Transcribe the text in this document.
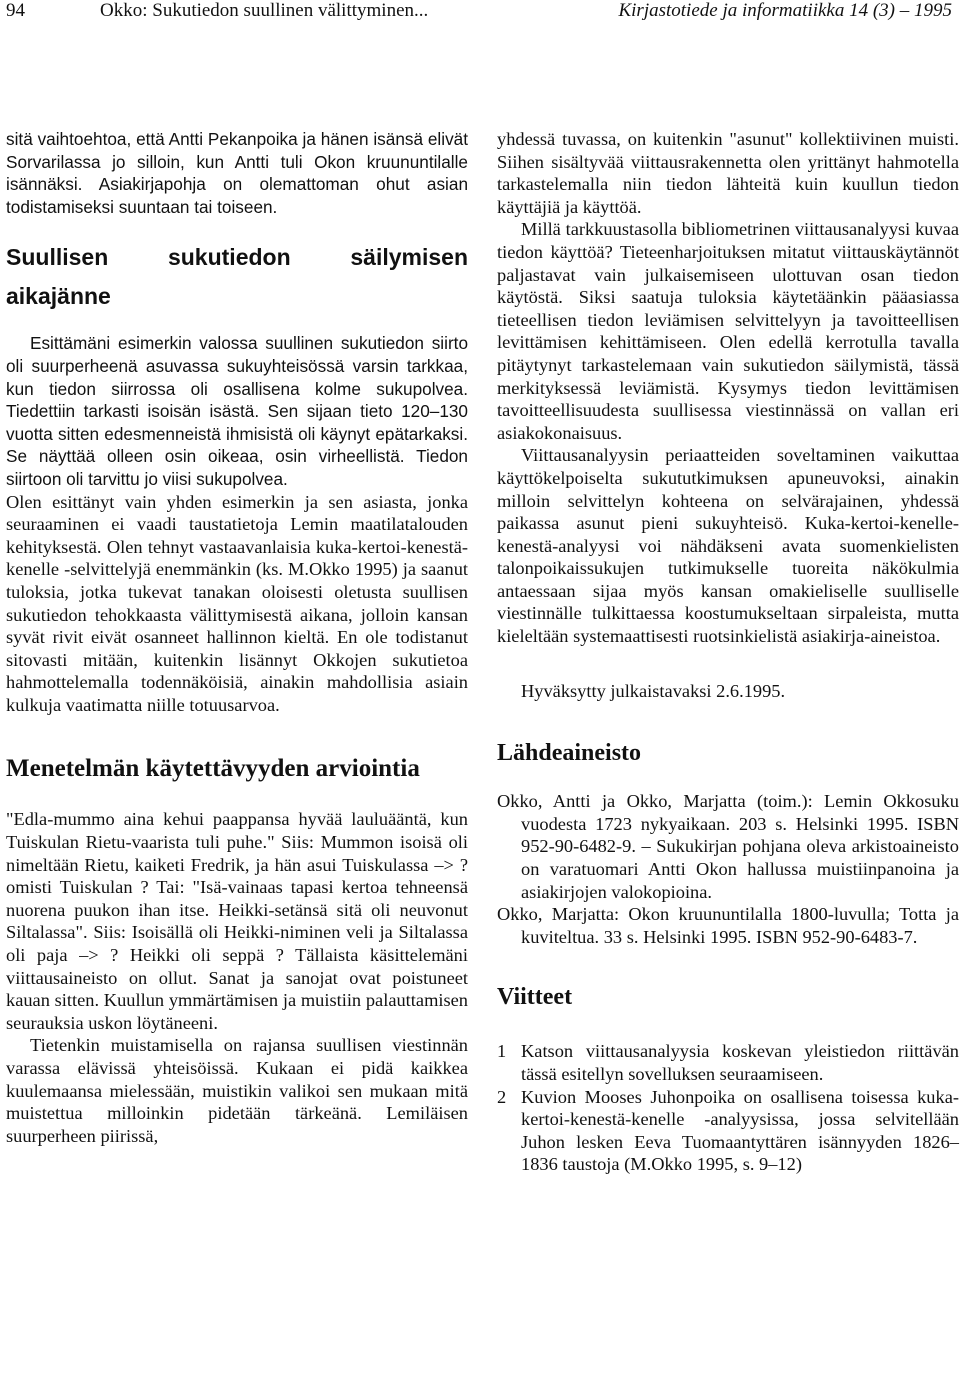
94	Okko: Sukutiedon suullinen välittyminen...	Kirjastotiede ja informatiikka 14 (3) – 1995

sitä vaihtoehtoa, että Antti Pekanpoika ja hänen isänsä elivät Sorvarilassa jo silloin, kun Antti tuli Okon kruununtilalle isännäksi. Asiakirjapohja on olemattoman ohut asian todistamiseksi suuntaan tai toiseen.

Suullisen sukutiedon säilymisen aikajänne

Esittämäni esimerkin valossa suullinen sukutiedon siirto oli suurperheenä asuvassa sukuyhteisössä varsin tarkkaa, kun tiedon siirrossa oli osallisena kolme sukupolvea. Tiedettiin tarkasti isoisän isästä. Sen sijaan tieto 120–130 vuotta sitten edesmenneistä ihmisistä oli käynyt epätarkaksi. Se näyttää olleen osin oikeaa, osin virheellistä. Tiedon siirtoon oli tarvittu jo viisi sukupolvea.

Olen esittänyt vain yhden esimerkin ja sen asiasta, jonka seuraaminen ei vaadi taustatietoja Lemin maatilatalouden kehityksestä. Olen tehnyt vastaavanlaisia kuka-kertoi-kenestä-kenelle -selvittelyjä enemmänkin (ks. M.Okko 1995) ja saanut tuloksia, jotka tukevat tanakan oloisesti oletusta suullisen sukutiedon tehokkaasta välittymisestä aikana, jolloin kansan syvät rivit eivät osanneet hallinnon kieltä. En ole todistanut sitovasti mitään, kuitenkin lisännyt Okkojen sukutietoa hahmottelemalla todennäköisiä, ainakin mahdollisia asiain kulkuja vaatimatta niille totuusarvoa.

Menetelmän käytettävyyden arviointia

"Edla-mummo aina kehui paappansa hyvää lauluääntä, kun Tuiskulan Rietu-vaarista tuli puhe." Siis: Mummon isoisä oli nimeltään Rietu, kaiketi Fredrik, ja hän asui Tuiskulassa –> ? omisti Tuiskulan ? Tai: "Isä-vainaas tapasi kertoa tehneensä nuorena puukon ihan itse. Heikki-setänsä sitä oli neuvonut Siltalassa". Siis: Isoisällä oli Heikki-niminen veli ja Siltalassa oli paja –> ? Heikki oli seppä ? Tällaista käsittelemäni viittausaineisto on ollut. Sanat ja sanojat ovat poistuneet kauan sitten. Kuullun ymmärtämisen ja muistiin palauttamisen seurauksia uskon löytäneeni.

Tietenkin muistamisella on rajansa suullisen viestinnän varassa elävissä yhteisöissä. Kukaan ei pidä kaikkea kuulemaansa mielessään, muistikin valikoi sen mukaan mitä muistettua milloinkin pidetään tärkeänä. Lemiläisen suurperheen piirissä,

yhdessä tuvassa, on kuitenkin "asunut" kollektiivinen muisti. Siihen sisältyvää viittausrakennetta olen yrittänyt hahmotella tarkastelemalla niin tiedon lähteitä kuin kuullun tiedon käyttäjiä ja käyttöä.

Millä tarkkuustasolla bibliometrinen viittausanalyysi kuvaa tiedon käyttöä? Tieteenharjoituksen mitatut viittauskäytännöt paljastavat vain julkaisemiseen ulottuvan osan tiedon käytöstä. Siksi saatuja tuloksia käytetäänkin pääasiassa tieteellisen tiedon leviämisen selvittelyyn ja tavoitteellisen levittämisen kehittämiseen. Olen edellä kerrotulla tavalla pitäytynyt tarkastelemaan vain sukutiedon säilymistä, tässä merkityksessä leviämistä. Kysymys tiedon levittämisen tavoitteellisuudesta suullisessa viestinnässä on vallan eri asiakokonaisuus.

Viittausanalyysin periaatteiden soveltaminen vaikuttaa käyttökelpoiselta sukututkimuksen apuneuvoksi, ainakin milloin selvittelyn kohteena on selvärajainen, yhdessä paikassa asunut pieni sukuyhteisö. Kuka-kertoi-kenelle-kenestä-analyysi voi nähdäkseni avata suomenkielisten talonpoikaissukujen tutkimukselle tuoreita näkökulmia antaessaan sijaa myös kansan omakieliselle suulliselle viestinnälle tulkittaessa koostumukseltaan sirpaleista, mutta kieleltään systemaattisesti ruotsinkielistä asiakirja-aineistoa.

Hyväksytty julkaistavaksi 2.6.1995.

Lähdeaineisto

Okko, Antti ja Okko, Marjatta (toim.): Lemin Okkosuku vuodesta 1723 nykyaikaan. 203 s. Helsinki 1995. ISBN 952-90-6482-9. – Sukukirjan pohjana oleva arkistoaineisto on varatuomari Antti Okon hallussa muistiinpanoina ja asiakirjojen valokopioina.

Okko, Marjatta: Okon kruununtilalla 1800-luvulla; Totta ja kuviteltua. 33 s. Helsinki 1995. ISBN 952-90-6483-7.

Viitteet
1 Katson viittausanalyysia koskevan yleistiedon riittävän tässä esitellyn sovelluksen seuraamiseen.
2 Kuvion Mooses Juhonpoika on osallisena toisessa kuka-kertoi-kenestä-kenelle -analyysissa, jossa selvitellään Juhon lesken Eeva Tuomaantyttären isännyyden 1826–1836 taustoja (M.Okko 1995, s. 9–12)
